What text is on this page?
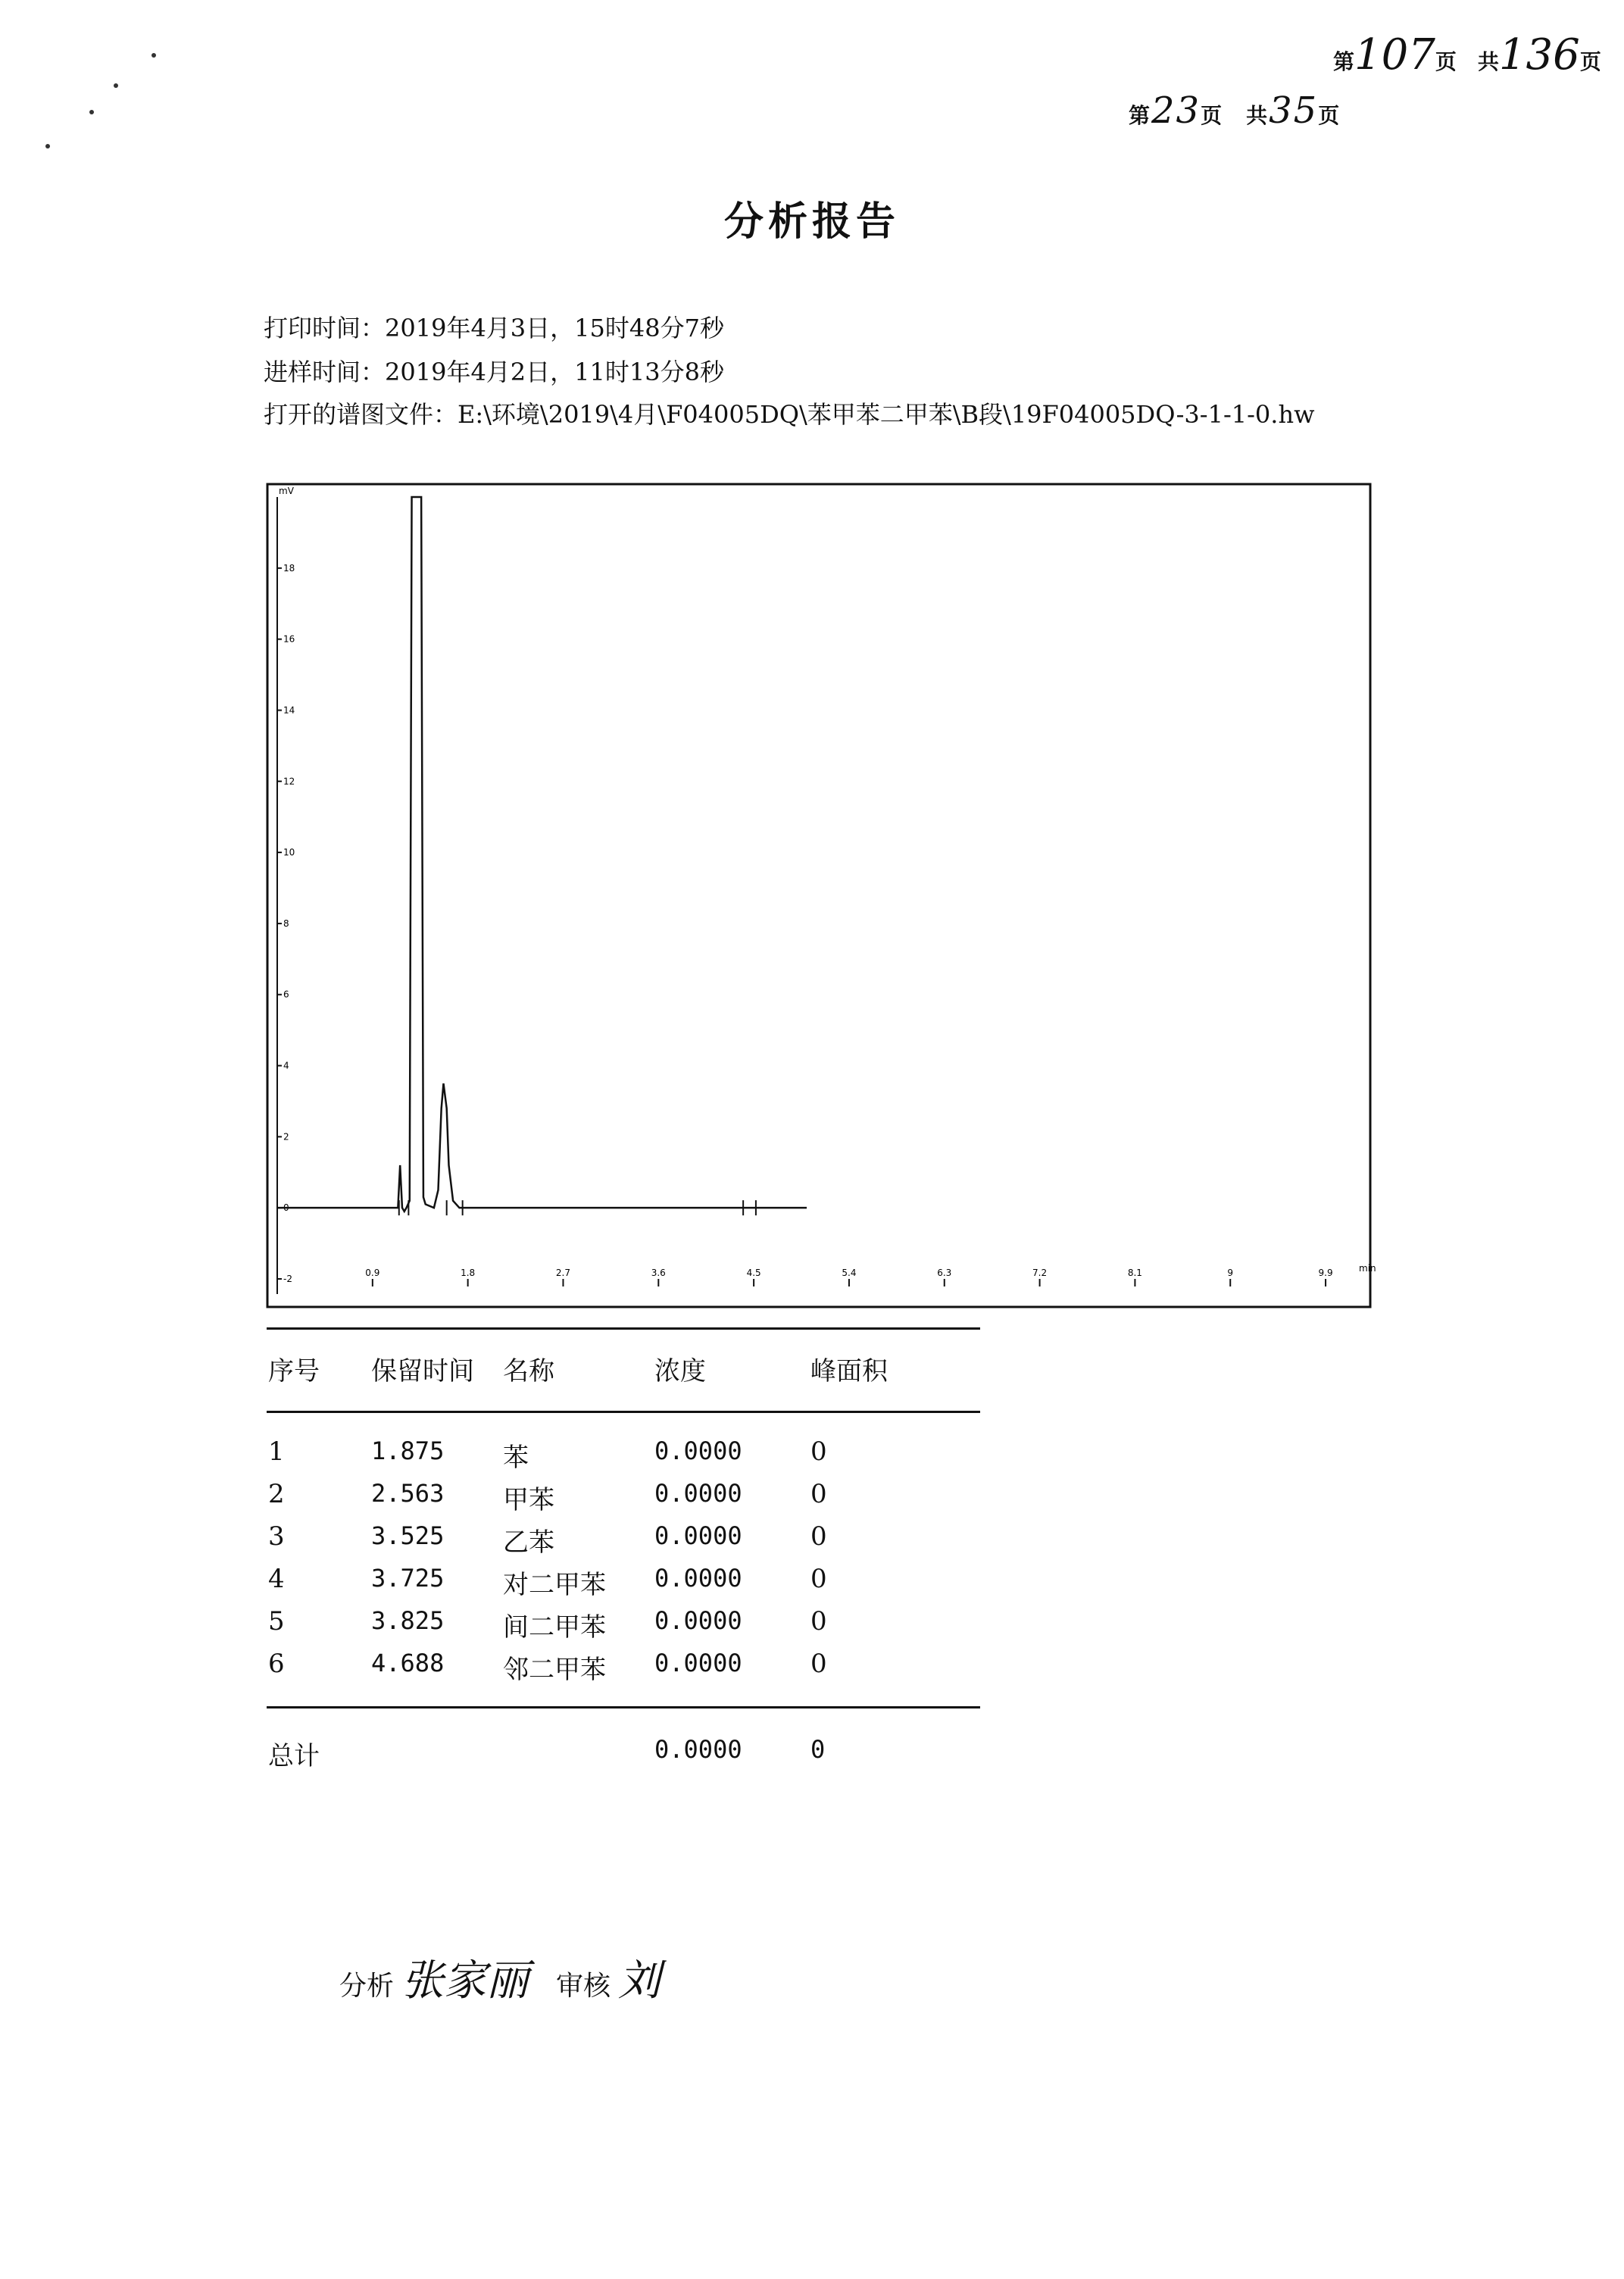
第23页　共35页
第107页　共136页
分析报告
打印时间：2019年4月3日，15时48分7秒
进样时间：2019年4月2日，11时13分8秒
打开的谱图文件：E:\环境\2019\4月\F04005DQ\苯甲苯二甲苯\B段\19F04005DQ-3-1-1-0.hw
-2
0
2
4
6
8
10
12
14
16
18
mV
0.9	1.8	2.7	3.6	4.5	5.4	6.3	7.2	8.1	9	9.9	min
序号 保留时间 名称	浓度	峰面积
1	1.875 苯	0.0000	0
2	2.563 甲苯	0.0000	0
3	3.525 乙苯	0.0000	0
4	3.725 对二甲苯 0.0000	0
5	3.825 间二甲苯 0.0000	0
6	4.688 邻二甲苯 0.0000	0
总计	0.0000	0
分析 张家丽 审核 刘
